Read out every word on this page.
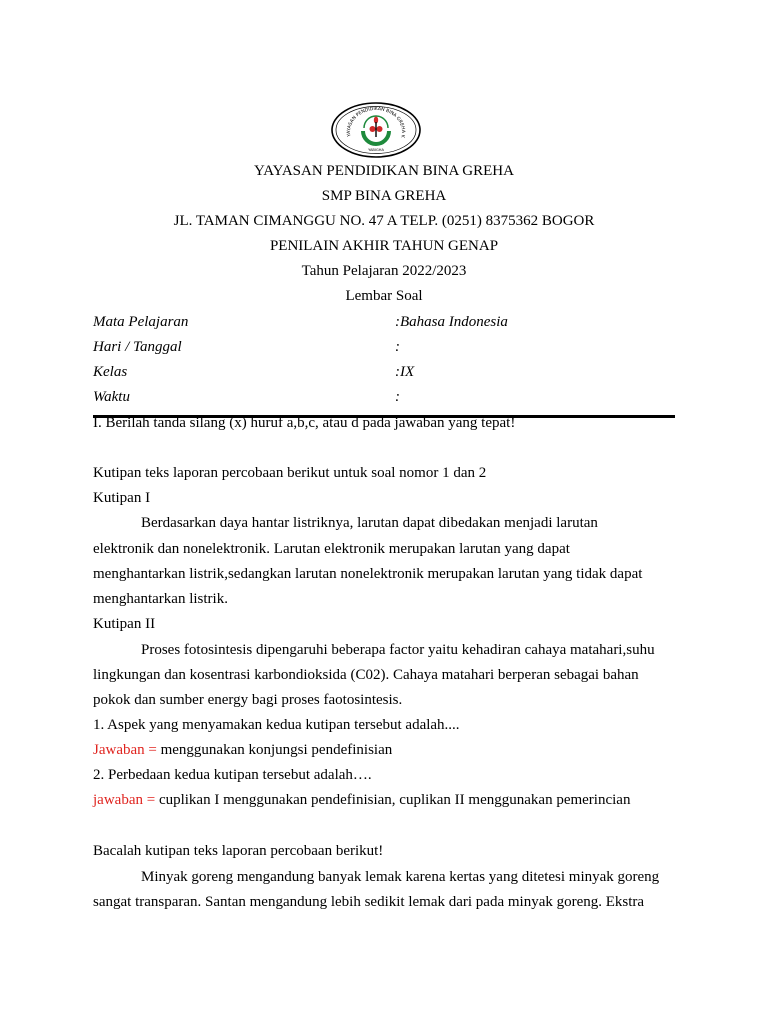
YAYASAN PENDIDIKAN BINA GREHA K
YABIGHA
YAYASAN PENDIDIKAN BINA GREHA
SMP BINA GREHA
JL. TAMAN CIMANGGU NO. 47 A TELP. (0251) 8375362 BOGOR
PENILAIN AKHIR TAHUN GENAP
Tahun Pelajaran 2022/2023
Lembar Soal
Mata Pelajaran	:Bahasa Indonesia
Hari / Tanggal	:
Kelas	:IX
Waktu	:
I. Berilah tanda silang (x) huruf a,b,c, atau d pada jawaban yang tepat!
Kutipan teks laporan percobaan berikut untuk soal nomor 1 dan 2
Kutipan I
Berdasarkan daya hantar listriknya, larutan dapat dibedakan menjadi larutan
elektronik dan nonelektronik. Larutan elektronik merupakan larutan yang dapat
menghantarkan listrik,sedangkan larutan nonelektronik merupakan larutan yang tidak dapat
menghantarkan listrik.
Kutipan II
Proses fotosintesis dipengaruhi beberapa factor yaitu kehadiran cahaya matahari,suhu
lingkungan dan kosentrasi karbondioksida (C02). Cahaya matahari berperan sebagai bahan
pokok dan sumber energy bagi proses faotosintesis.
1. Aspek yang menyamakan kedua kutipan tersebut adalah....
Jawaban = menggunakan konjungsi pendefinisian
2. Perbedaan kedua kutipan tersebut adalah….
jawaban = cuplikan I menggunakan pendefinisian, cuplikan II menggunakan pemerincian
Bacalah kutipan teks laporan percobaan berikut!
Minyak goreng mengandung banyak lemak karena kertas yang ditetesi minyak goreng
sangat transparan. Santan mengandung lebih sedikit lemak dari pada minyak goreng. Ekstra
